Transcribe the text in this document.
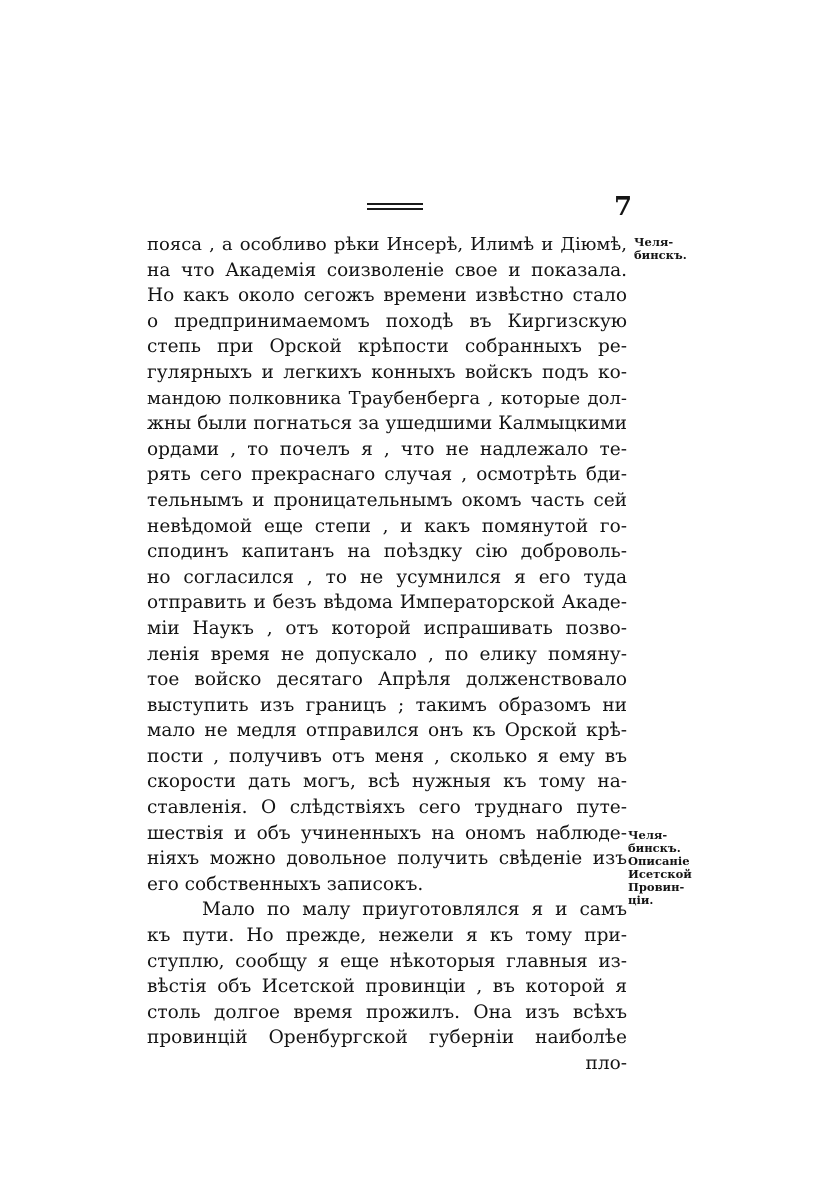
7
пояса , а особливо рѣки Инсерѣ, Илимѣ и Дiюмѣ,
на что Академiя соизволенiе свое и показала.
Но какъ около сегожъ времени извѣстно стало
о предпринимаемомъ походѣ въ Киргизскую
степь при Орской крѣпости собранныхъ ре-
гулярныхъ и легкихъ конныхъ войскъ подъ ко-
мандою полковника Траубенберга , которые дол-
жны были погнаться за ушедшими Калмыцкими
ордами , то почелъ я , что не надлежало те-
рять сего прекраснаго случая , осмотрѣть бди-
тельнымъ и проницательнымъ окомъ часть сей
невѣдомой еще степи , и какъ помянутой го-
сподинъ капитанъ на поѣздку сiю доброволь-
но согласился , то не усумнился я его туда
отправить и безъ вѣдома Императорской Акаде-
мiи Наукъ , отъ которой испрашивать позво-
ленiя время не допускало , по елику помяну-
тое войско десятаго Апрѣля долженствовало
выступить изъ границъ ; такимъ образомъ ни
мало не медля отправился онъ къ Орской крѣ-
пости , получивъ отъ меня , сколько я ему въ
скорости дать могъ, всѣ нужныя къ тому на-
ставленiя. О слѣдствiяхъ сего труднаго путе-
шествiя и объ учиненныхъ на ономъ наблюде-
нiяхъ можно довольное получить свѣденiе изъ
его собственныхъ записокъ.
Мало по малу приуготовлялся я и самъ
къ пути. Но прежде, нежели я къ тому при-
ступлю, сообщу я еще нѣкоторыя главныя из-
вѣстiя объ Исетской провинцiи , въ которой я
столь долгое время прожилъ. Она изъ всѣхъ
провинцiй Оренбургской губернiи наиболѣе
пло-
Челя-
бинскъ.
Челя-
бинскъ.
Описанiе
Исетской
Провин-
цiи.
